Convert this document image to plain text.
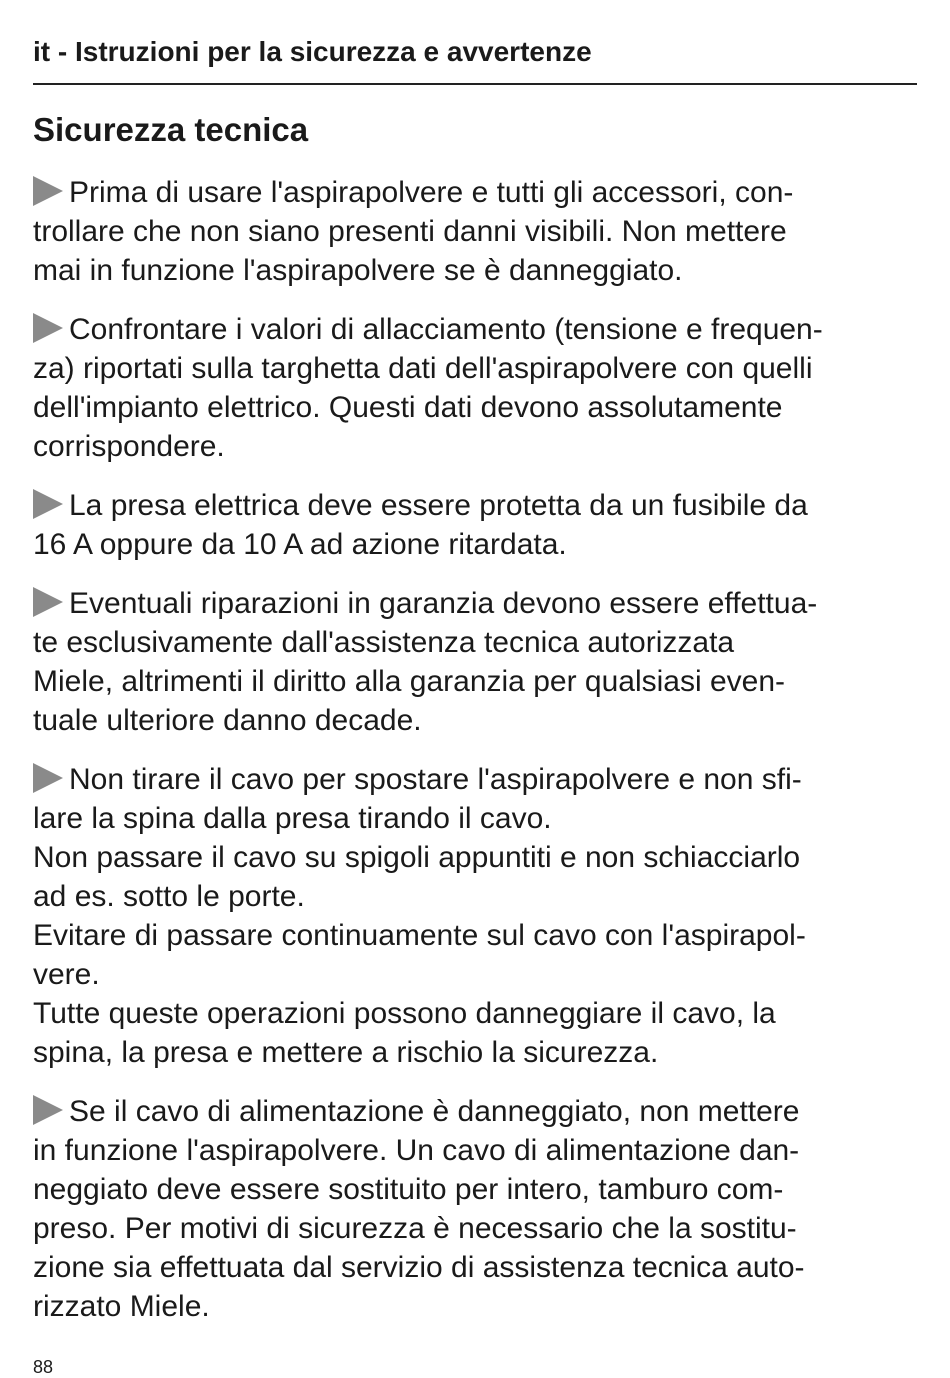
it - Istruzioni per la sicurezza e avvertenze
Sicurezza tecnica
Prima di usare l'aspirapolvere e tutti gli accessori, con-
trollare che non siano presenti danni visibili. Non mettere
mai in funzione l'aspirapolvere se è danneggiato.
Confrontare i valori di allacciamento (tensione e frequen-
za) riportati sulla targhetta dati dell'aspirapolvere con quelli
dell'impianto elettrico. Questi dati devono assolutamente
corrispondere.
La presa elettrica deve essere protetta da un fusibile da
16 A oppure da 10 A ad azione ritardata.
Eventuali riparazioni in garanzia devono essere effettua-
te esclusivamente dall'assistenza tecnica autorizzata
Miele, altrimenti il diritto alla garanzia per qualsiasi even-
tuale ulteriore danno decade.
Non tirare il cavo per spostare l'aspirapolvere e non sfi-
lare la spina dalla presa tirando il cavo.
Non passare il cavo su spigoli appuntiti e non schiacciarlo
ad es. sotto le porte.
Evitare di passare continuamente sul cavo con l'aspirapol-
vere.
Tutte queste operazioni possono danneggiare il cavo, la
spina, la presa e mettere a rischio la sicurezza.
Se il cavo di alimentazione è danneggiato, non mettere
in funzione l'aspirapolvere. Un cavo di alimentazione dan-
neggiato deve essere sostituito per intero, tamburo com-
preso. Per motivi di sicurezza è necessario che la sostitu-
zione sia effettuata dal servizio di assistenza tecnica auto-
rizzato Miele.
88
